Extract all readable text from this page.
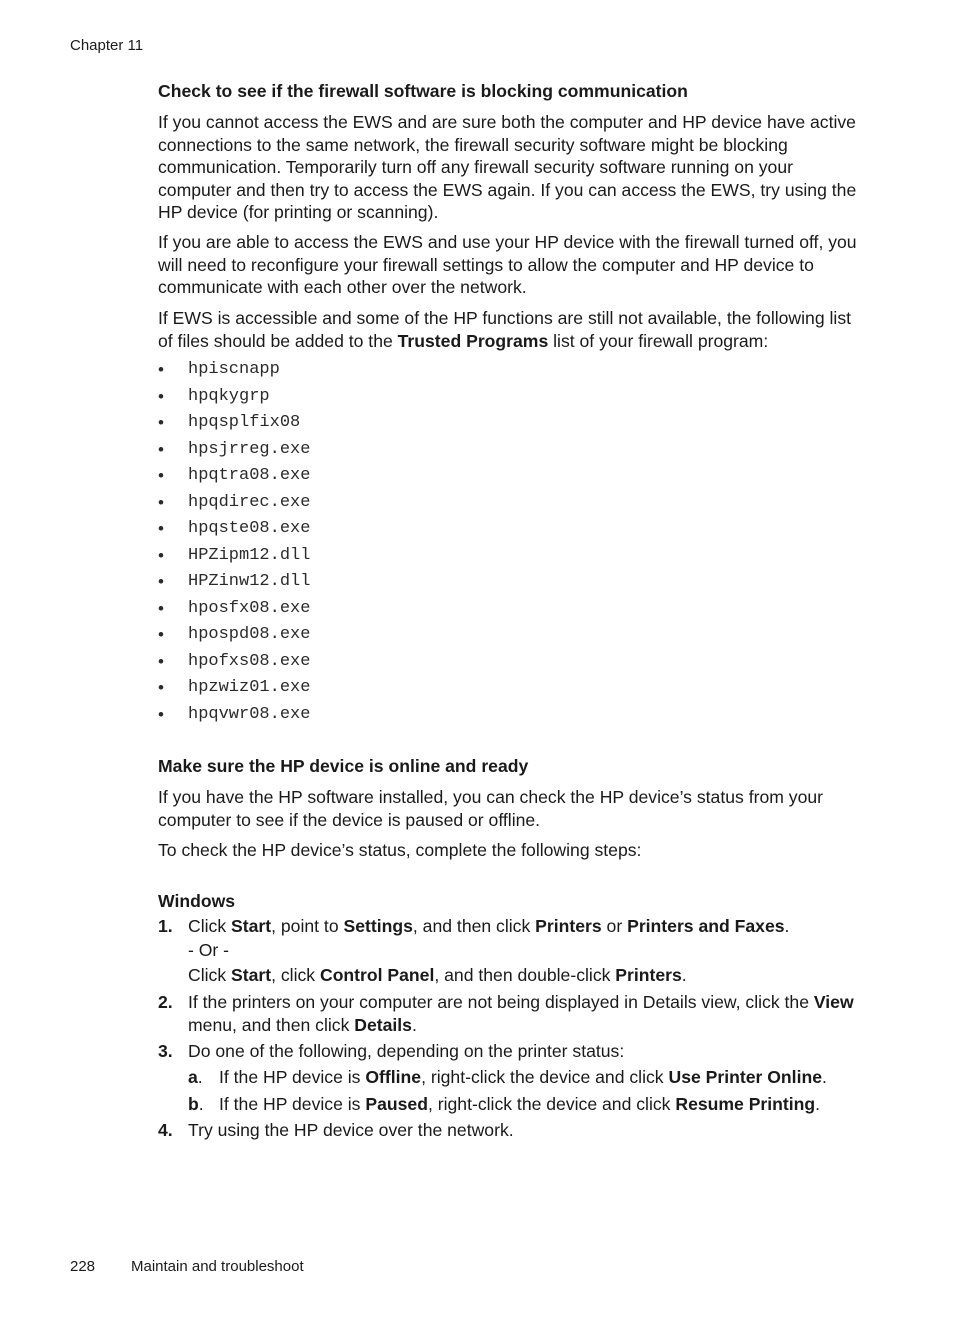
Chapter 11
Check to see if the firewall software is blocking communication

If you cannot access the EWS and are sure both the computer and HP device have active connections to the same network, the firewall security software might be blocking communication. Temporarily turn off any firewall security software running on your computer and then try to access the EWS again. If you can access the EWS, try using the HP device (for printing or scanning).

If you are able to access the EWS and use your HP device with the firewall turned off, you will need to reconfigure your firewall settings to allow the computer and HP device to communicate with each other over the network.

If EWS is accessible and some of the HP functions are still not available, the following list of files should be added to the Trusted Programs list of your firewall program:

• hpiscnapp
• hpqkygrp
• hpqsplfix08
• hpsjrreg.exe
• hpqtra08.exe
• hpqdirec.exe
• hpqste08.exe
• HPZipm12.dll
• HPZinw12.dll
• hposfx08.exe
• hpospd08.exe
• hpofxs08.exe
• hpzwiz01.exe
• hpqvwr08.exe
Make sure the HP device is online and ready

If you have the HP software installed, you can check the HP device’s status from your computer to see if the device is paused or offline.

To check the HP device’s status, complete the following steps:

Windows
1. Click Start, point to Settings, and then click Printers or Printers and Faxes.
- Or -
Click Start, click Control Panel, and then double-click Printers.
2. If the printers on your computer are not being displayed in Details view, click the View menu, and then click Details.
3. Do one of the following, depending on the printer status:
a. If the HP device is Offline, right-click the device and click Use Printer Online.
b. If the HP device is Paused, right-click the device and click Resume Printing.
4. Try using the HP device over the network.
228 Maintain and troubleshoot
